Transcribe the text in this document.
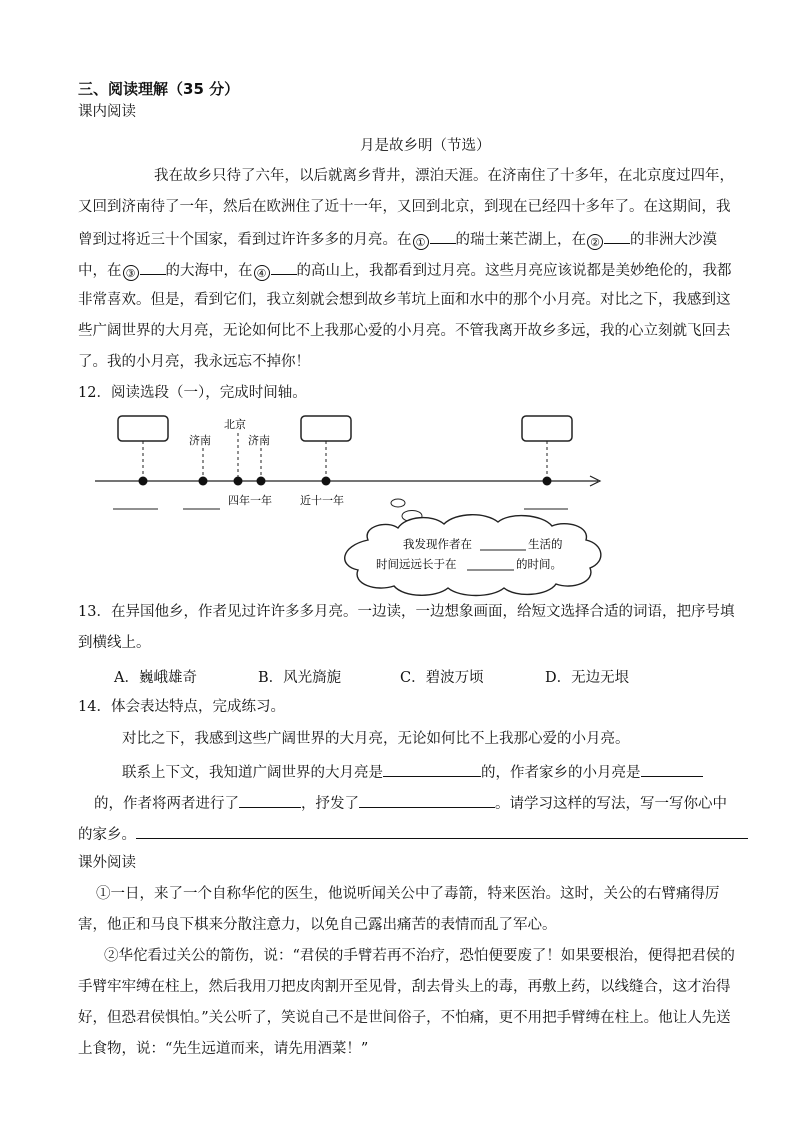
三、阅读理解（35 分）
课内阅读
月是故乡明（节选）
我在故乡只待了六年，以后就离乡背井，漂泊天涯。在济南住了十多年，在北京度过四年，
又回到济南待了一年，然后在欧洲住了近十一年，又回到北京，到现在已经四十多年了。在这期间，我
曾到过将近三十个国家，看到过许许多多的月亮。在 ① 的瑞士莱芒湖上，在 ② 的非洲大沙漠
中，在 ③ 的大海中，在 ④ 的高山上，我都看到过月亮。这些月亮应该说都是美妙绝伦的，我都
非常喜欢。但是，看到它们，我立刻就会想到故乡苇坑上面和水中的那个小月亮。对比之下，我感到这
些广阔世界的大月亮，无论如何比不上我那心爱的小月亮。不管我离开故乡多远，我的心立刻就飞回去
了。我的小月亮，我永远忘不掉你！
12．阅读选段（一），完成时间轴。
济南
北京
济南
四年一年	近十一年
我发现作者在	生活的
时间远远长于在	的时间。
13．在异国他乡，作者见过许许多多月亮。一边读，一边想象画面，给短文选择合适的词语，把序号填
到横线上。
A．巍峨雄奇	B．风光旖旎	C．碧波万顷	D．无边无垠
14．体会表达特点，完成练习。
对比之下，我感到这些广阔世界的大月亮，无论如何比不上我那心爱的小月亮。
联系上下文，我知道广阔世界的大月亮是	的，作者家乡的小月亮是
的，作者将两者进行了	，抒发了	。请学习这样的写法，写一写你心中
的家乡。
课外阅读
①一日，来了一个自称华佗的医生，他说听闻关公中了毒箭，特来医治。这时，关公的右臂痛得厉
害，他正和马良下棋来分散注意力，以免自己露出痛苦的表情而乱了军心。
②华佗看过关公的箭伤，说：“君侯的手臂若再不治疗，恐怕便要废了！如果要根治，便得把君侯的
手臂牢牢缚在柱上，然后我用刀把皮肉割开至见骨，刮去骨头上的毒，再敷上药，以线缝合，这才治得
好，但恐君侯惧怕。”关公听了，笑说自己不是世间俗子，不怕痛，更不用把手臂缚在柱上。他让人先送
上食物，说：“先生远道而来，请先用酒菜！”
